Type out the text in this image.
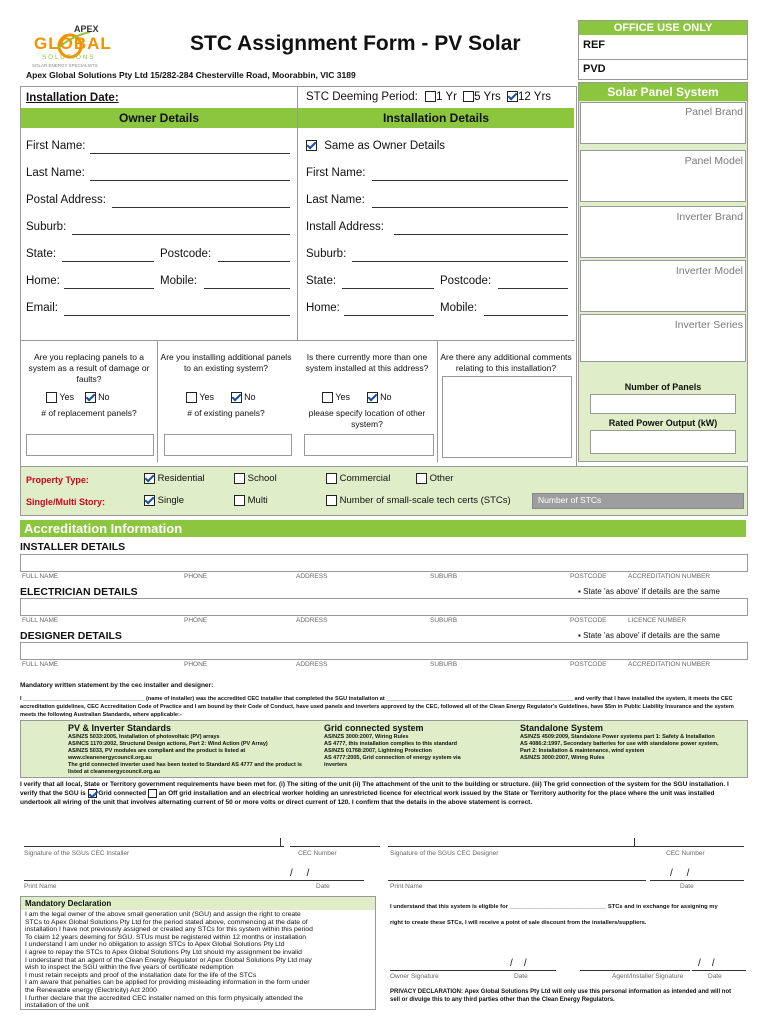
APEX
GLOBAL
S O L U T I O N S
SOLAR ENERGY SPECIALISTS
STC Assignment Form - PV Solar
Apex Global Solutions Pty Ltd 15/282-284 Chesterville Road, Moorabbin, VIC 3189
OFFICE USE ONLY
REF
PVD
Installation Date:	STC Deeming Period: 1 Yr 5 Yrs 12 Yrs
Owner Details	Installation Details
First Name:
Last Name:
Postal Address:
Suburb:
State:	Postcode:
Home:	Mobile:
Email:
Same as Owner Details
First Name:
Last Name:
Install Address:
Suburb:
State:	Postcode:
Home:	Mobile:
Solar Panel System
Panel Brand
Panel Model
Inverter Brand
Inverter Model
Inverter Series
Number of Panels
Rated Power Output (kW)
Are you replacing panels to a system as a result of damage or faults?
Are you installing additional panels to an existing system?
Is there currently more than one system installed at this address?
Are there any additional comments relating to this installation?
Yes	No	Yes	No	Yes	No
# of replacement panels?	# of existing panels?	please specify location of other system?
Property Type:
Single/Multi Story:
Residential	School	Commercial	Other
Single	Multi	Number of small-scale tech certs (STCs)	Number of STCs
Accreditation Information
INSTALLER DETAILS
FULL NAME	PHONE	ADDRESS	SUBURB	POSTCODE	ACCREDITATION NUMBER
ELECTRICIAN DETAILS	▪ State 'as above' if details are the same
FULL NAME	PHONE	ADDRESS	SUBURB	POSTCODE	LICENCE NUMBER
DESIGNER DETAILS	▪ State 'as above' if details are the same
FULL NAME	PHONE	ADDRESS	SUBURB	POSTCODE	ACCREDITATION NUMBER
Mandatory written statement by the cec installer and designer:
I _______________________________________ (name of installer) was the accredited CEC installer that completed the SGU installation at ____________________________________________________________ and verify that I have installed the system, it meets the CEC accreditation guidelines, CEC Accreditation Code of Practice and I am bound by their Code of Conduct, have used panels and inverters approved by the CEC, followed all of the Clean Energy Regulator's Guidelines, have $5m in Public Liability Insurance and the system meets the following Australian Standards, where applicable:-
PV & Inverter Standards
AS/NZS 5033:2005, Installation of photovoltaic (PV) arrays
AS/NCS 1170:2002, Structural Design actions, Part 2: Wind Action (PV Array)
AS/NZS 5033, PV modules are compliant and the product is listed at www.cleanenergycouncil.org.au
The grid connected inverter used has been tested to Standard AS 4777 and the product is listed at cleanenergycouncil.org.au
Grid connected system
AS/NZS 3000:2007, Wiring Rules
AS 4777, this installation complies to this standard
AS/NZS 01768:2007, Lightning Protection
AS 4777:2005, Grid connection of energy system via inverters
Standalone System
AS/NZS 4509:2009, Standalone Power systems part 1: Safety & Installation
AS 4086:2:1997, Secondary batteries for use with standalone power system, Part 2: Installation & maintenance, wind system
AS/NZS 3000:2007, Wiring Rules
I verify that all local, State or Territory government requirements have been met for. (i) The siting of the unit (ii) The attachment of the unit to the building or structure. (iii) The grid connection of the system for the SGU installation. I verify that the SGU is Grid connected an Off grid installation and an electrical worker holding an unrestricted licence for electrical work issued by the State or Territory authority for the place where the unit was installed undertook all wiring of the unit that involves alternating current of 50 or more volts or direct current of 120. I confirm that the details in the above statement is correct.
Signature of the SGUs CEC Installer	CEC Number	Signature of the SGUs CEC Designer	CEC Number
/     /
Print Name	Date
/     /
Print Name	Date
Mandatory Declaration
I am the legal owner of the above small generation unit (SGU) and assign the right to create
STCs to Apex Global Solutions Pty Ltd for the period stated above, commencing at the date of
installation I have not previously assigned or created any STCs for this system within this period
To claim 12 years deeming for SGU. STUs must be registered within 12 months or installation
I understand I am under no obligation to assign STCs to Apex Global Solutions Pty Ltd
I agree to repay the STCs to Apex Global Solutions Pty Ltd should my assignment be invalid
I understand that an agent of the Clean Energy Regulator or Apex Global Solutions Pty Ltd may
wish to inspect the SGU within the five years of certificate redemption
I must retain receipts and proof of the installation date for the life of the STCs
I am aware that penalties can be applied for providing misleading information in the form under
the Renewable energy (Electricity) Act 2000
I further declare that the accredited CEC installer named on this form physically attended the
installation of the unit
I understand that this system is eligible for ______________________________ STCs and in exchange for assigning my
right to create these STCs, I will receive a point of sale discount from the installers/suppliers.
/    /	/    /
Owner Signature	Date	Agent/Installer Signature	Date
PRIVACY DECLARATION: Apex Global Solutions Pty Ltd will only use this personal information as intended and will not sell or divulge this to any third parties other than the Clean Energy Regulators.
